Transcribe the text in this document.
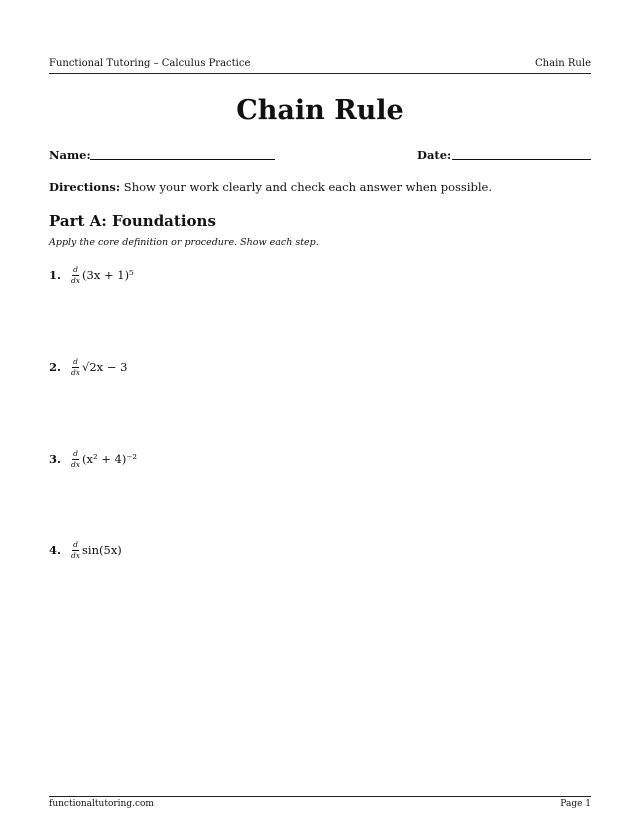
Functional Tutoring – Calculus Practice	Chain Rule
Chain Rule
Name:	Date:
Directions: Show your work clearly and check each answer when possible.
Part A: Foundations
Apply the core definition or procedure. Show each step.
1.	$\frac{d}{dx} (3x + 1)^5$
2.	$\frac{d}{dx} √2x - 3$
3.	$\frac{d}{dx} (x^2 + 4)^{-2}$
4.	$\frac{d}{dx} \sin(5x)$
functionaltutoring.com	Page 1
